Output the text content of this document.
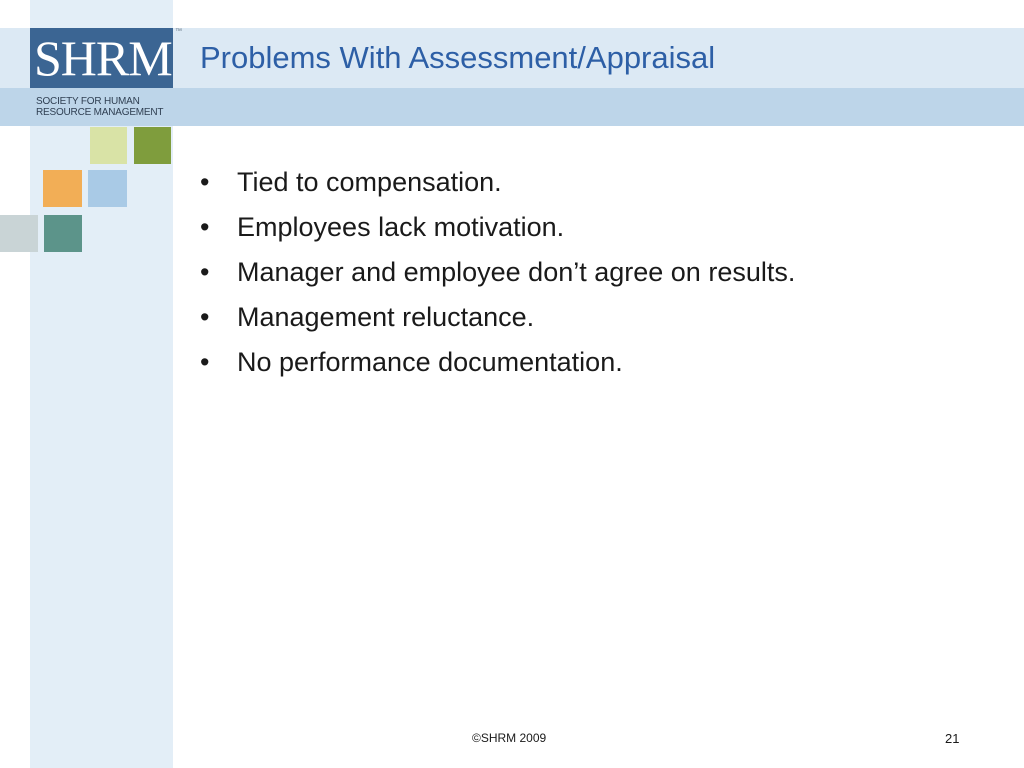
SHRM ™
SOCIETY FOR HUMAN
RESOURCE MANAGEMENT
Problems With Assessment/Appraisal
• Tied to compensation.
• Employees lack motivation.
• Manager and employee don’t agree on results.
• Management reluctance.
• No performance documentation.
©SHRM 2009	21
